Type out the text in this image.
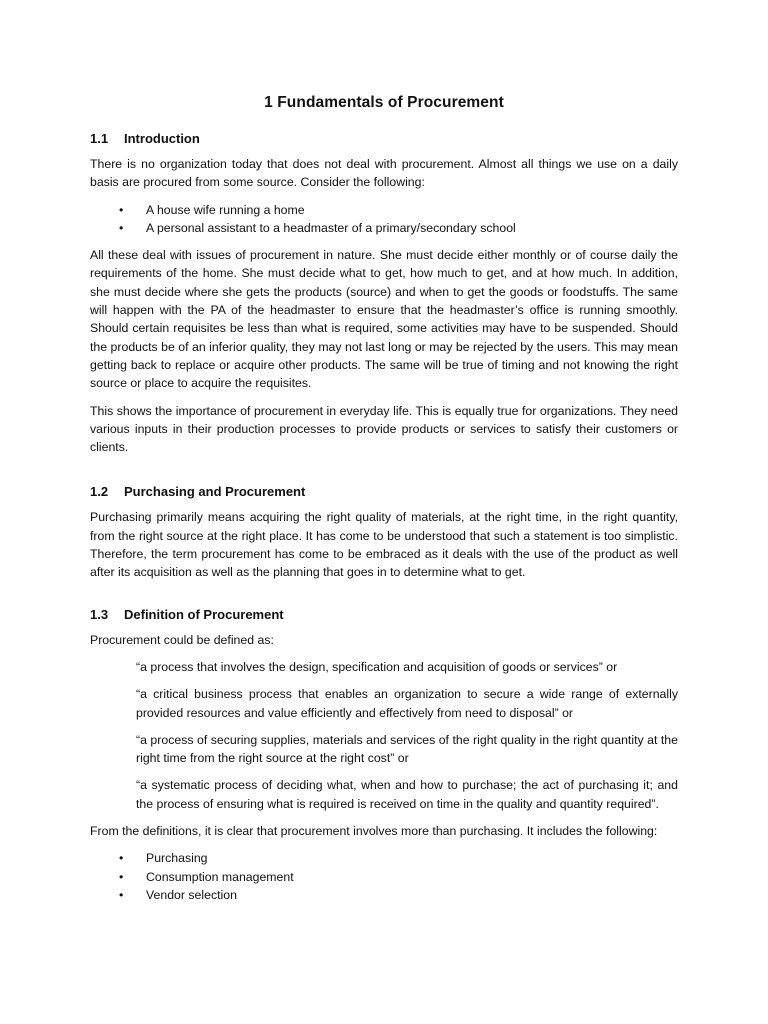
1 Fundamentals of Procurement
1.1	Introduction

There is no organization today that does not deal with procurement. Almost all things we use on a daily basis are procured from some source. Consider the following:

•	A house wife running a home
•	A personal assistant to a headmaster of a primary/secondary school

All these deal with issues of procurement in nature. She must decide either monthly or of course daily the requirements of the home. She must decide what to get, how much to get, and at how much. In addition, she must decide where she gets the products (source) and when to get the goods or foodstuffs. The same will happen with the PA of the headmaster to ensure that the headmaster’s office is running smoothly. Should certain requisites be less than what is required, some activities may have to be suspended. Should the products be of an inferior quality, they may not last long or may be rejected by the users. This may mean getting back to replace or acquire other products. The same will be true of timing and not knowing the right source or place to acquire the requisites.

This shows the importance of procurement in everyday life. This is equally true for organizations. They need various inputs in their production processes to provide products or services to satisfy their customers or clients.

1.2	Purchasing and Procurement

Purchasing primarily means acquiring the right quality of materials, at the right time, in the right quantity, from the right source at the right place. It has come to be understood that such a statement is too simplistic. Therefore, the term procurement has come to be embraced as it deals with the use of the product as well after its acquisition as well as the planning that goes in to determine what to get.

1.3	Definition of Procurement

Procurement could be defined as:

“a process that involves the design, specification and acquisition of goods or services” or

“a critical business process that enables an organization to secure a wide range of externally provided resources and value efficiently and effectively from need to disposal” or

“a process of securing supplies, materials and services of the right quality in the right quantity at the right time from the right source at the right cost” or

“a systematic process of deciding what, when and how to purchase; the act of purchasing it; and the process of ensuring what is required is received on time in the quality and quantity required”.

From the definitions, it is clear that procurement involves more than purchasing. It includes the following:

•	Purchasing
•	Consumption management
•	Vendor selection
